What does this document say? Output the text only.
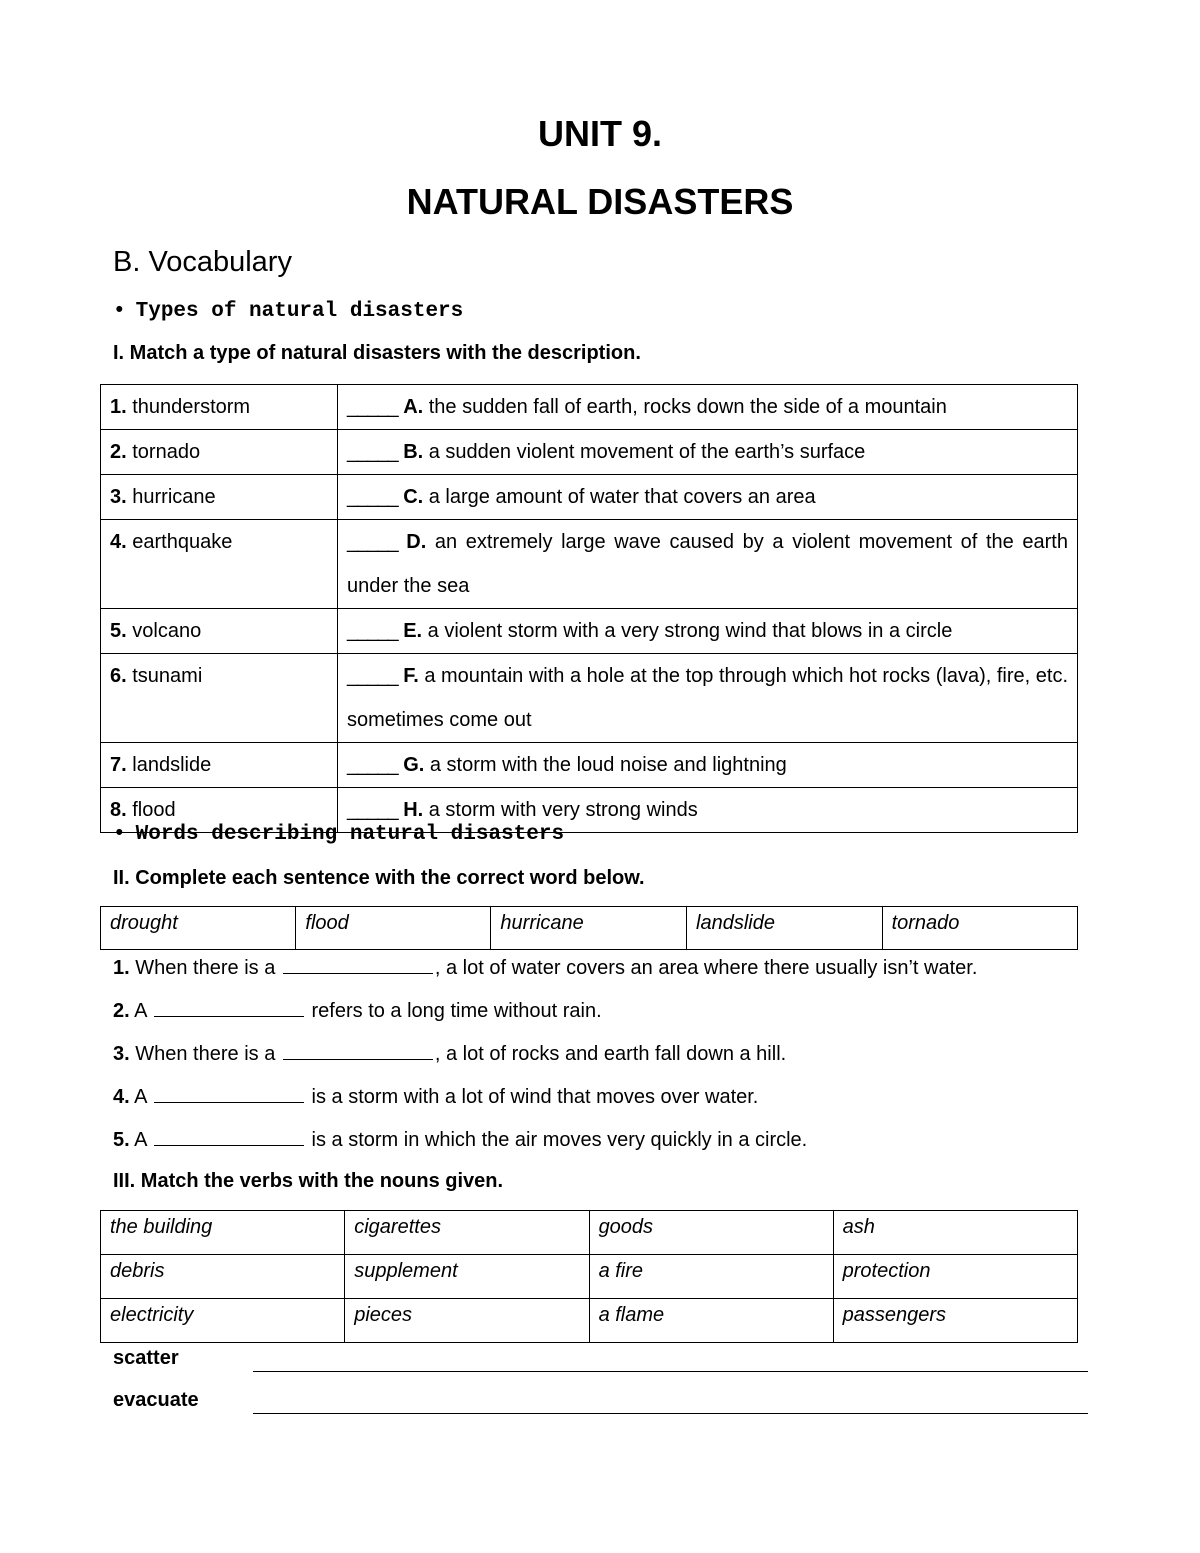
UNIT 9.
NATURAL DISASTERS
B. Vocabulary
• Types of natural disasters
I. Match a type of natural disasters with the description.
1. thunderstorm	_____ A. the sudden fall of earth, rocks down the side of a mountain
2. tornado	_____ B. a sudden violent movement of the earth’s surface
3. hurricane	_____ C. a large amount of water that covers an area
4. earthquake	_____ D. an extremely large wave caused by a violent movement of the earth under the sea
5. volcano	_____ E. a violent storm with a very strong wind that blows in a circle
6. tsunami	_____ F. a mountain with a hole at the top through which hot rocks (lava), fire, etc. sometimes come out
7. landslide	_____ G. a storm with the loud noise and lightning
8. flood	_____ H. a storm with very strong winds
• Words describing natural disasters
II. Complete each sentence with the correct word below.
drought	flood	hurricane	landslide	tornado
1. When there is a	, a lot of water covers an area where there usually isn’t water.
2. A	refers to a long time without rain.
3. When there is a	, a lot of rocks and earth fall down a hill.
4. A	is a storm with a lot of wind that moves over water.
5. A	is a storm in which the air moves very quickly in a circle.
III. Match the verbs with the nouns given.
the building	cigarettes	goods	ash
debris	supplement	a fire	protection
electricity	pieces	a flame	passengers
scatter
evacuate
